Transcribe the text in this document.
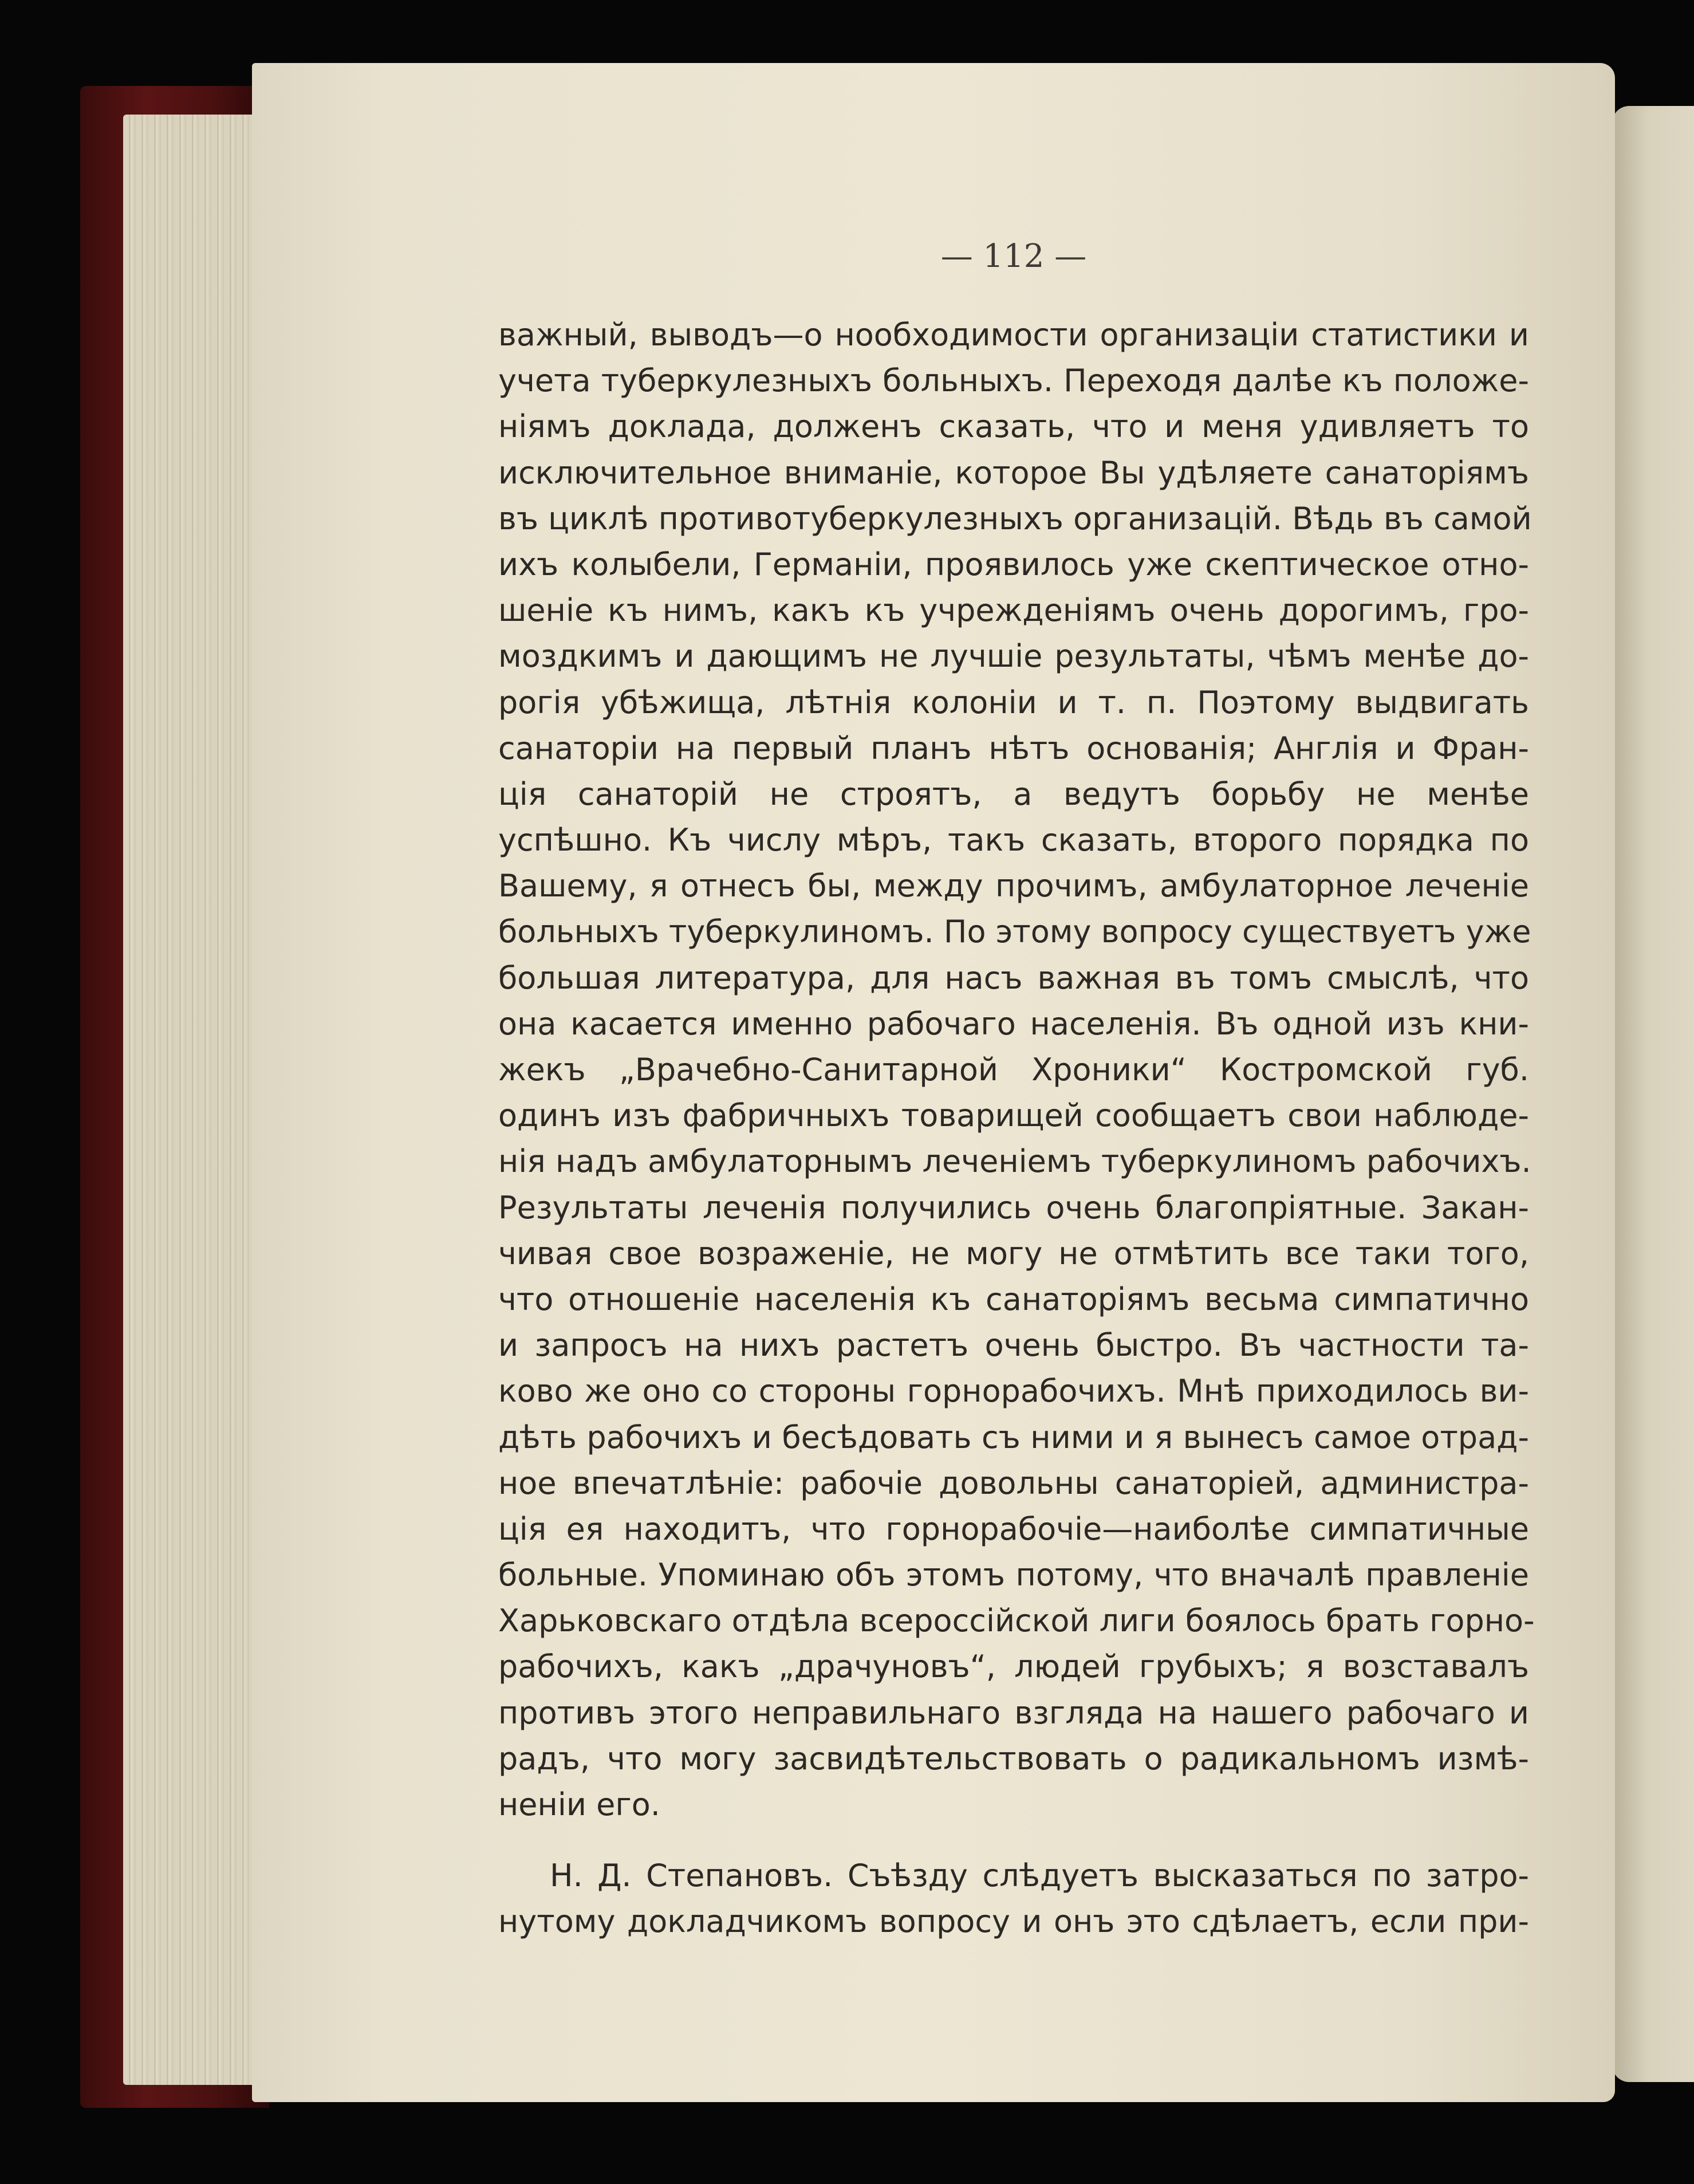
— 112 —
важный, выводъ—о нообходимости организаціи статистики и
учета туберкулезныхъ больныхъ. Переходя далѣе къ положе-
ніямъ доклада, долженъ сказать, что и меня удивляетъ то
исключительное вниманіе, которое Вы удѣляете санаторіямъ
въ циклѣ противотуберкулезныхъ организацій. Вѣдь въ самой
ихъ колыбели, Германіи, проявилось уже скептическое отно-
шеніе къ нимъ, какъ къ учрежденіямъ очень дорогимъ, гро-
моздкимъ и дающимъ не лучшіе результаты, чѣмъ менѣе до-
рогія убѣжища, лѣтнія колоніи и т. п. Поэтому выдвигать
санаторіи на первый планъ нѣтъ основанія; Англія и Фран-
ція санаторій не строятъ, а ведутъ борьбу не менѣе
успѣшно. Къ числу мѣръ, такъ сказать, второго порядка по
Вашему, я отнесъ бы, между прочимъ, амбулаторное леченіе
больныхъ туберкулиномъ. По этому вопросу существуетъ уже
большая литература, для насъ важная въ томъ смыслѣ, что
она касается именно рабочаго населенія. Въ одной изъ кни-
жекъ „Врачебно-Санитарной Хроники“ Костромской губ.
одинъ изъ фабричныхъ товарищей сообщаетъ свои наблюде-
нія надъ амбулаторнымъ леченіемъ туберкулиномъ рабочихъ.
Результаты леченія получились очень благопріятные. Закан-
чивая свое возраженіе, не могу не отмѣтить все таки того,
что отношеніе населенія къ санаторіямъ весьма симпатично
и запросъ на нихъ растетъ очень быстро. Въ частности та-
ково же оно со стороны горнорабочихъ. Мнѣ приходилось ви-
дѣть рабочихъ и бесѣдовать съ ними и я вынесъ самое отрад-
ное впечатлѣніе: рабочіе довольны санаторіей, администра-
ція ея находитъ, что горнорабочіе—наиболѣе симпатичные
больные. Упоминаю объ этомъ потому, что вначалѣ правленіе
Харьковскаго отдѣла всероссійской лиги боялось брать горно-
рабочихъ, какъ „драчуновъ“, людей грубыхъ; я возставалъ
противъ этого неправильнаго взгляда на нашего рабочаго и
радъ, что могу засвидѣтельствовать о радикальномъ измѣ-
неніи его.
Н. Д. Степановъ. Съѣзду слѣдуетъ высказаться по затро-
нутому докладчикомъ вопросу и онъ это сдѣлаетъ, если при-
